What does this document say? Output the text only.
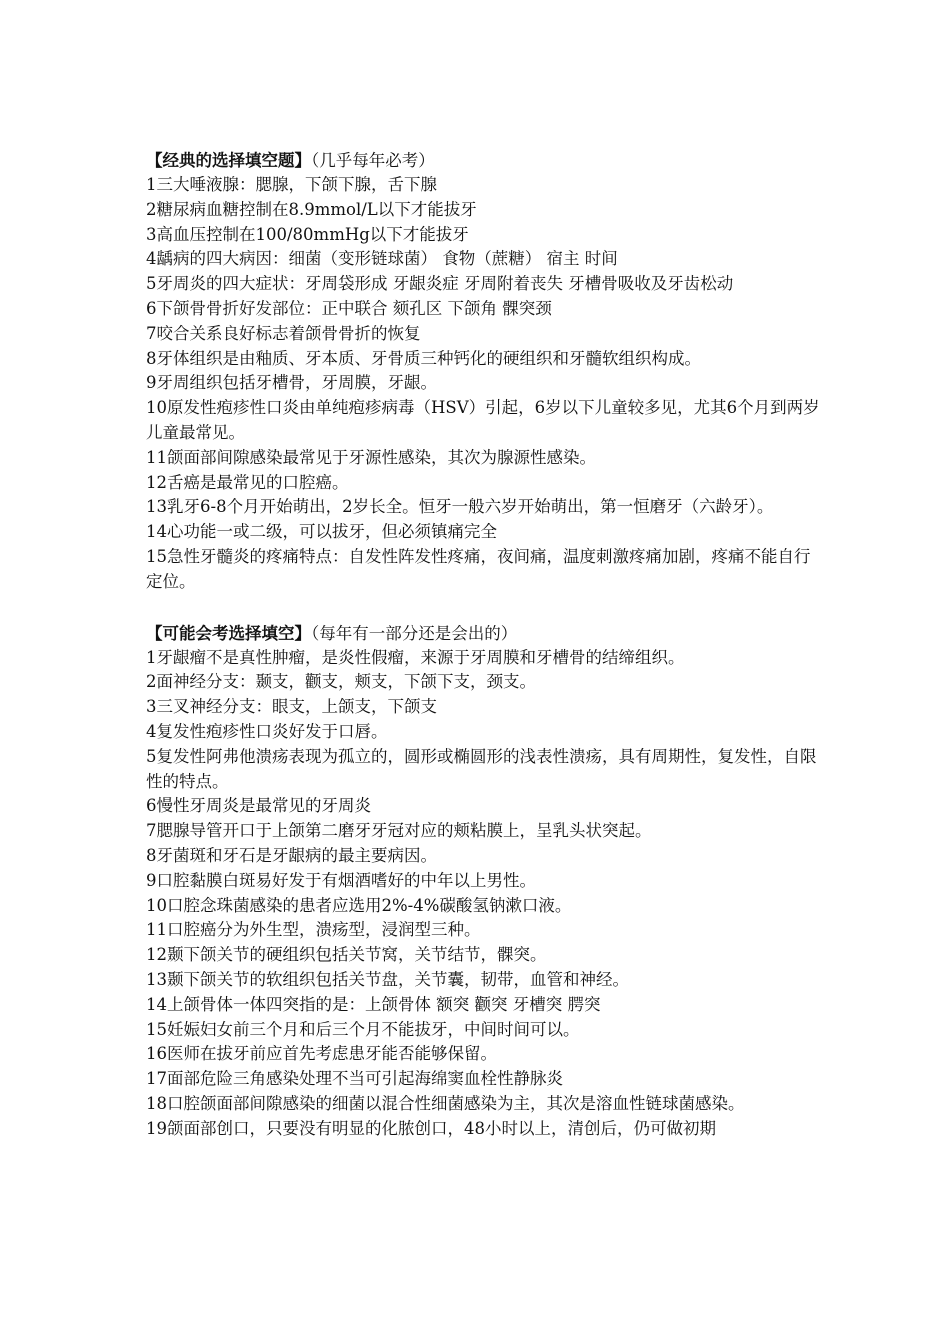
【经典的选择填空题】（几乎每年必考）

1三大唾液腺：腮腺，下颌下腺，舌下腺

2糖尿病血糖控制在8.9mmol/L以下才能拔牙

3高血压控制在100/80mmHg以下才能拔牙

4龋病的四大病因：细菌（变形链球菌） 食物（蔗糖） 宿主 时间

5牙周炎的四大症状：牙周袋形成 牙龈炎症 牙周附着丧失 牙槽骨吸收及牙齿松动

6下颌骨骨折好发部位：正中联合 颏孔区 下颌角 髁突颈

7咬合关系良好标志着颌骨骨折的恢复

8牙体组织是由釉质、牙本质、牙骨质三种钙化的硬组织和牙髓软组织构成。

9牙周组织包括牙槽骨，牙周膜，牙龈。

10原发性疱疹性口炎由单纯疱疹病毒（HSV）引起，6岁以下儿童较多见，尤其6个月到两岁儿童最常见。

11颌面部间隙感染最常见于牙源性感染，其次为腺源性感染。

12舌癌是最常见的口腔癌。

13乳牙6-8个月开始萌出，2岁长全。恒牙一般六岁开始萌出，第一恒磨牙（六龄牙）。

14心功能一或二级，可以拔牙，但必须镇痛完全

15急性牙髓炎的疼痛特点：自发性阵发性疼痛，夜间痛，温度刺激疼痛加剧，疼痛不能自行定位。

【可能会考选择填空】（每年有一部分还是会出的）

1牙龈瘤不是真性肿瘤，是炎性假瘤，来源于牙周膜和牙槽骨的结缔组织。

2面神经分支：颞支，颧支，颊支，下颌下支，颈支。

3三叉神经分支：眼支，上颌支，下颌支

4复发性疱疹性口炎好发于口唇。

5复发性阿弗他溃疡表现为孤立的，圆形或椭圆形的浅表性溃疡，具有周期性，复发性，自限性的特点。

6慢性牙周炎是最常见的牙周炎

7腮腺导管开口于上颌第二磨牙牙冠对应的颊粘膜上，呈乳头状突起。

8牙菌斑和牙石是牙龈病的最主要病因。

9口腔黏膜白斑易好发于有烟酒嗜好的中年以上男性。

10口腔念珠菌感染的患者应选用2%-4%碳酸氢钠漱口液。

11口腔癌分为外生型，溃疡型，浸润型三种。

12颞下颌关节的硬组织包括关节窝，关节结节，髁突。

13颞下颌关节的软组织包括关节盘，关节囊，韧带，血管和神经。

14上颌骨体一体四突指的是：上颌骨体 额突 颧突 牙槽突 腭突

15妊娠妇女前三个月和后三个月不能拔牙，中间时间可以。

16医师在拔牙前应首先考虑患牙能否能够保留。

17面部危险三角感染处理不当可引起海绵窦血栓性静脉炎

18口腔颌面部间隙感染的细菌以混合性细菌感染为主，其次是溶血性链球菌感染。

19颌面部创口，只要没有明显的化脓创口，48小时以上，清创后，仍可做初期
